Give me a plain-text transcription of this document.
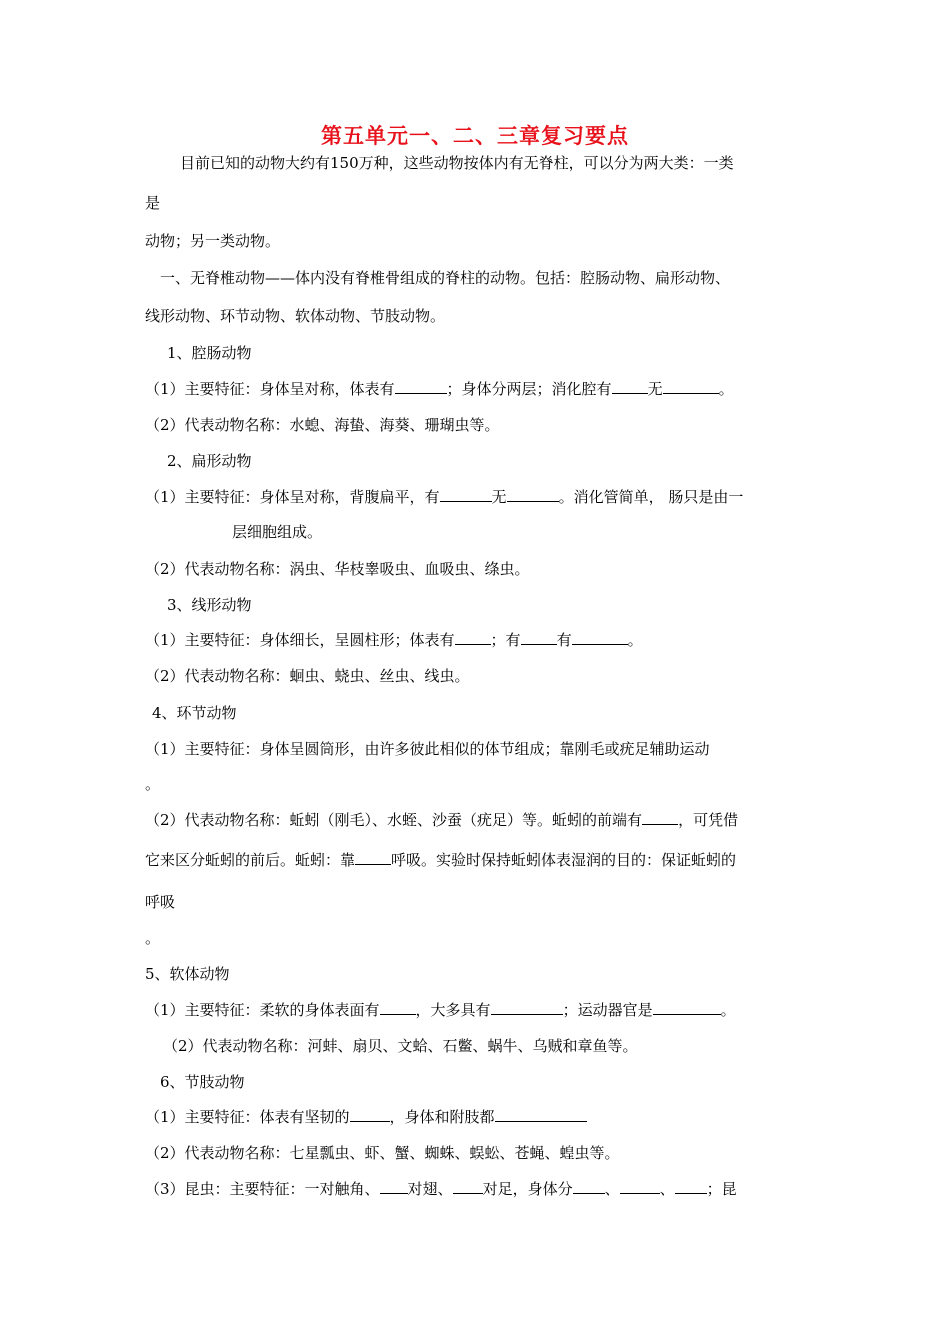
第五单元一、二、三章复习要点
目前已知的动物大约有150万种，这些动物按体内有无脊柱，可以分为两大类：一类
是
动物；另一类动物。
一、无脊椎动物——体内没有脊椎骨组成的脊柱的动物。包括：腔肠动物、扁形动物、
线形动物、环节动物、软体动物、节肢动物。
1、腔肠动物
（1）主要特征：身体呈对称，体表有	；身体分两层；消化腔有 无	。
（2）代表动物名称：水螅、海蛰、海葵、珊瑚虫等。
2、扁形动物
（1）主要特征：身体呈对称，背腹扁平，有	无	。消化管简单， 肠只是由一
层细胞组成。
（2）代表动物名称：涡虫、华枝睾吸虫、血吸虫、绦虫。
3、线形动物
（1）主要特征：身体细长，呈圆柱形；体表有 ；有 有	。
（2）代表动物名称：蛔虫、蛲虫、丝虫、线虫。
4、环节动物
（1）主要特征：身体呈圆筒形，由许多彼此相似的体节组成；靠刚毛或疣足辅助运动
。
（2）代表动物名称：蚯蚓（刚毛）、水蛭、沙蚕（疣足）等。蚯蚓的前端有 ，可凭借
它来区分蚯蚓的前后。蚯蚓：靠 呼吸。实验时保持蚯蚓体表湿润的目的：保证蚯蚓的
呼吸
。
5、软体动物
（1）主要特征：柔软的身体表面有 ，大多具有	；运动器官是	。
（2）代表动物名称：河蚌、扇贝、文蛤、石鳖、蜗牛、乌贼和章鱼等。
6、节肢动物
（1）主要特征：体表有坚韧的	，身体和附肢都
（2）代表动物名称：七星瓢虫、虾、蟹、蜘蛛、蜈蚣、苍蝇、蝗虫等。
（3）昆虫：主要特征：一对触角、 对翅、 对足，身体分 、	、 ；昆
